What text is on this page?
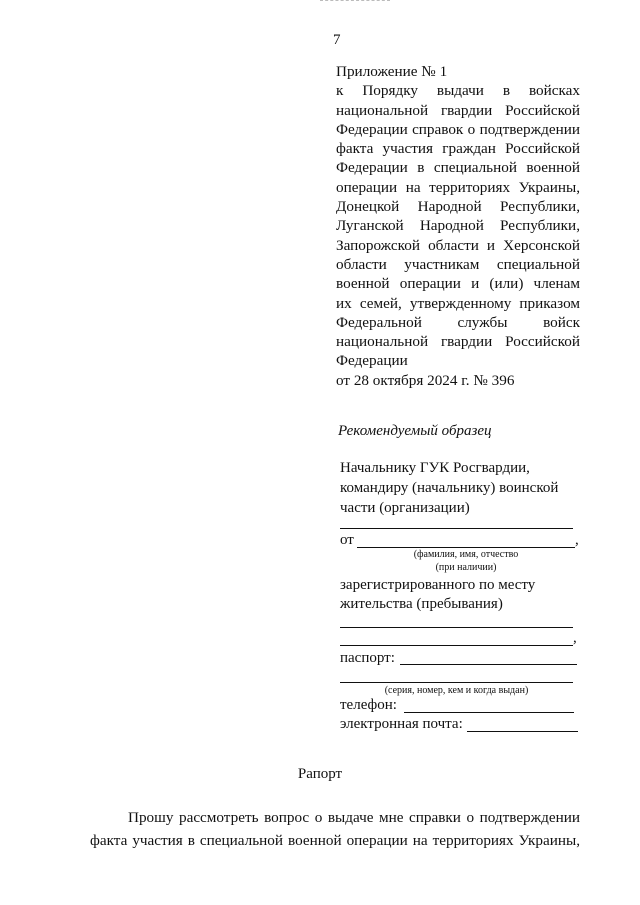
7
Приложение № 1
к Порядку выдачи в войсках
национальной гвардии Российской
Федерации справок о подтверждении
факта участия граждан Российской
Федерации в специальной военной
операции на территориях Украины,
Донецкой Народной Республики,
Луганской Народной Республики,
Запорожской области и Херсонской
области участникам специальной
военной операции и (или) членам
их семей, утвержденному приказом
Федеральной службы войск
национальной гвардии Российской
Федерации
от 28 октября 2024 г. № 396
Рекомендуемый образец
Начальнику ГУК Росгвардии,
командиру (начальнику) воинской
части (организации)
от	,
(фамилия, имя, отчество
(при наличии)
зарегистрированного по месту
жительства (пребывания)
,
паспорт:
(серия, номер, кем и когда выдан)
телефон:
электронная почта:
Рапорт
Прошу рассмотреть вопрос о выдаче мне справки о подтверждении
факта участия в специальной военной операции на территориях Украины,
